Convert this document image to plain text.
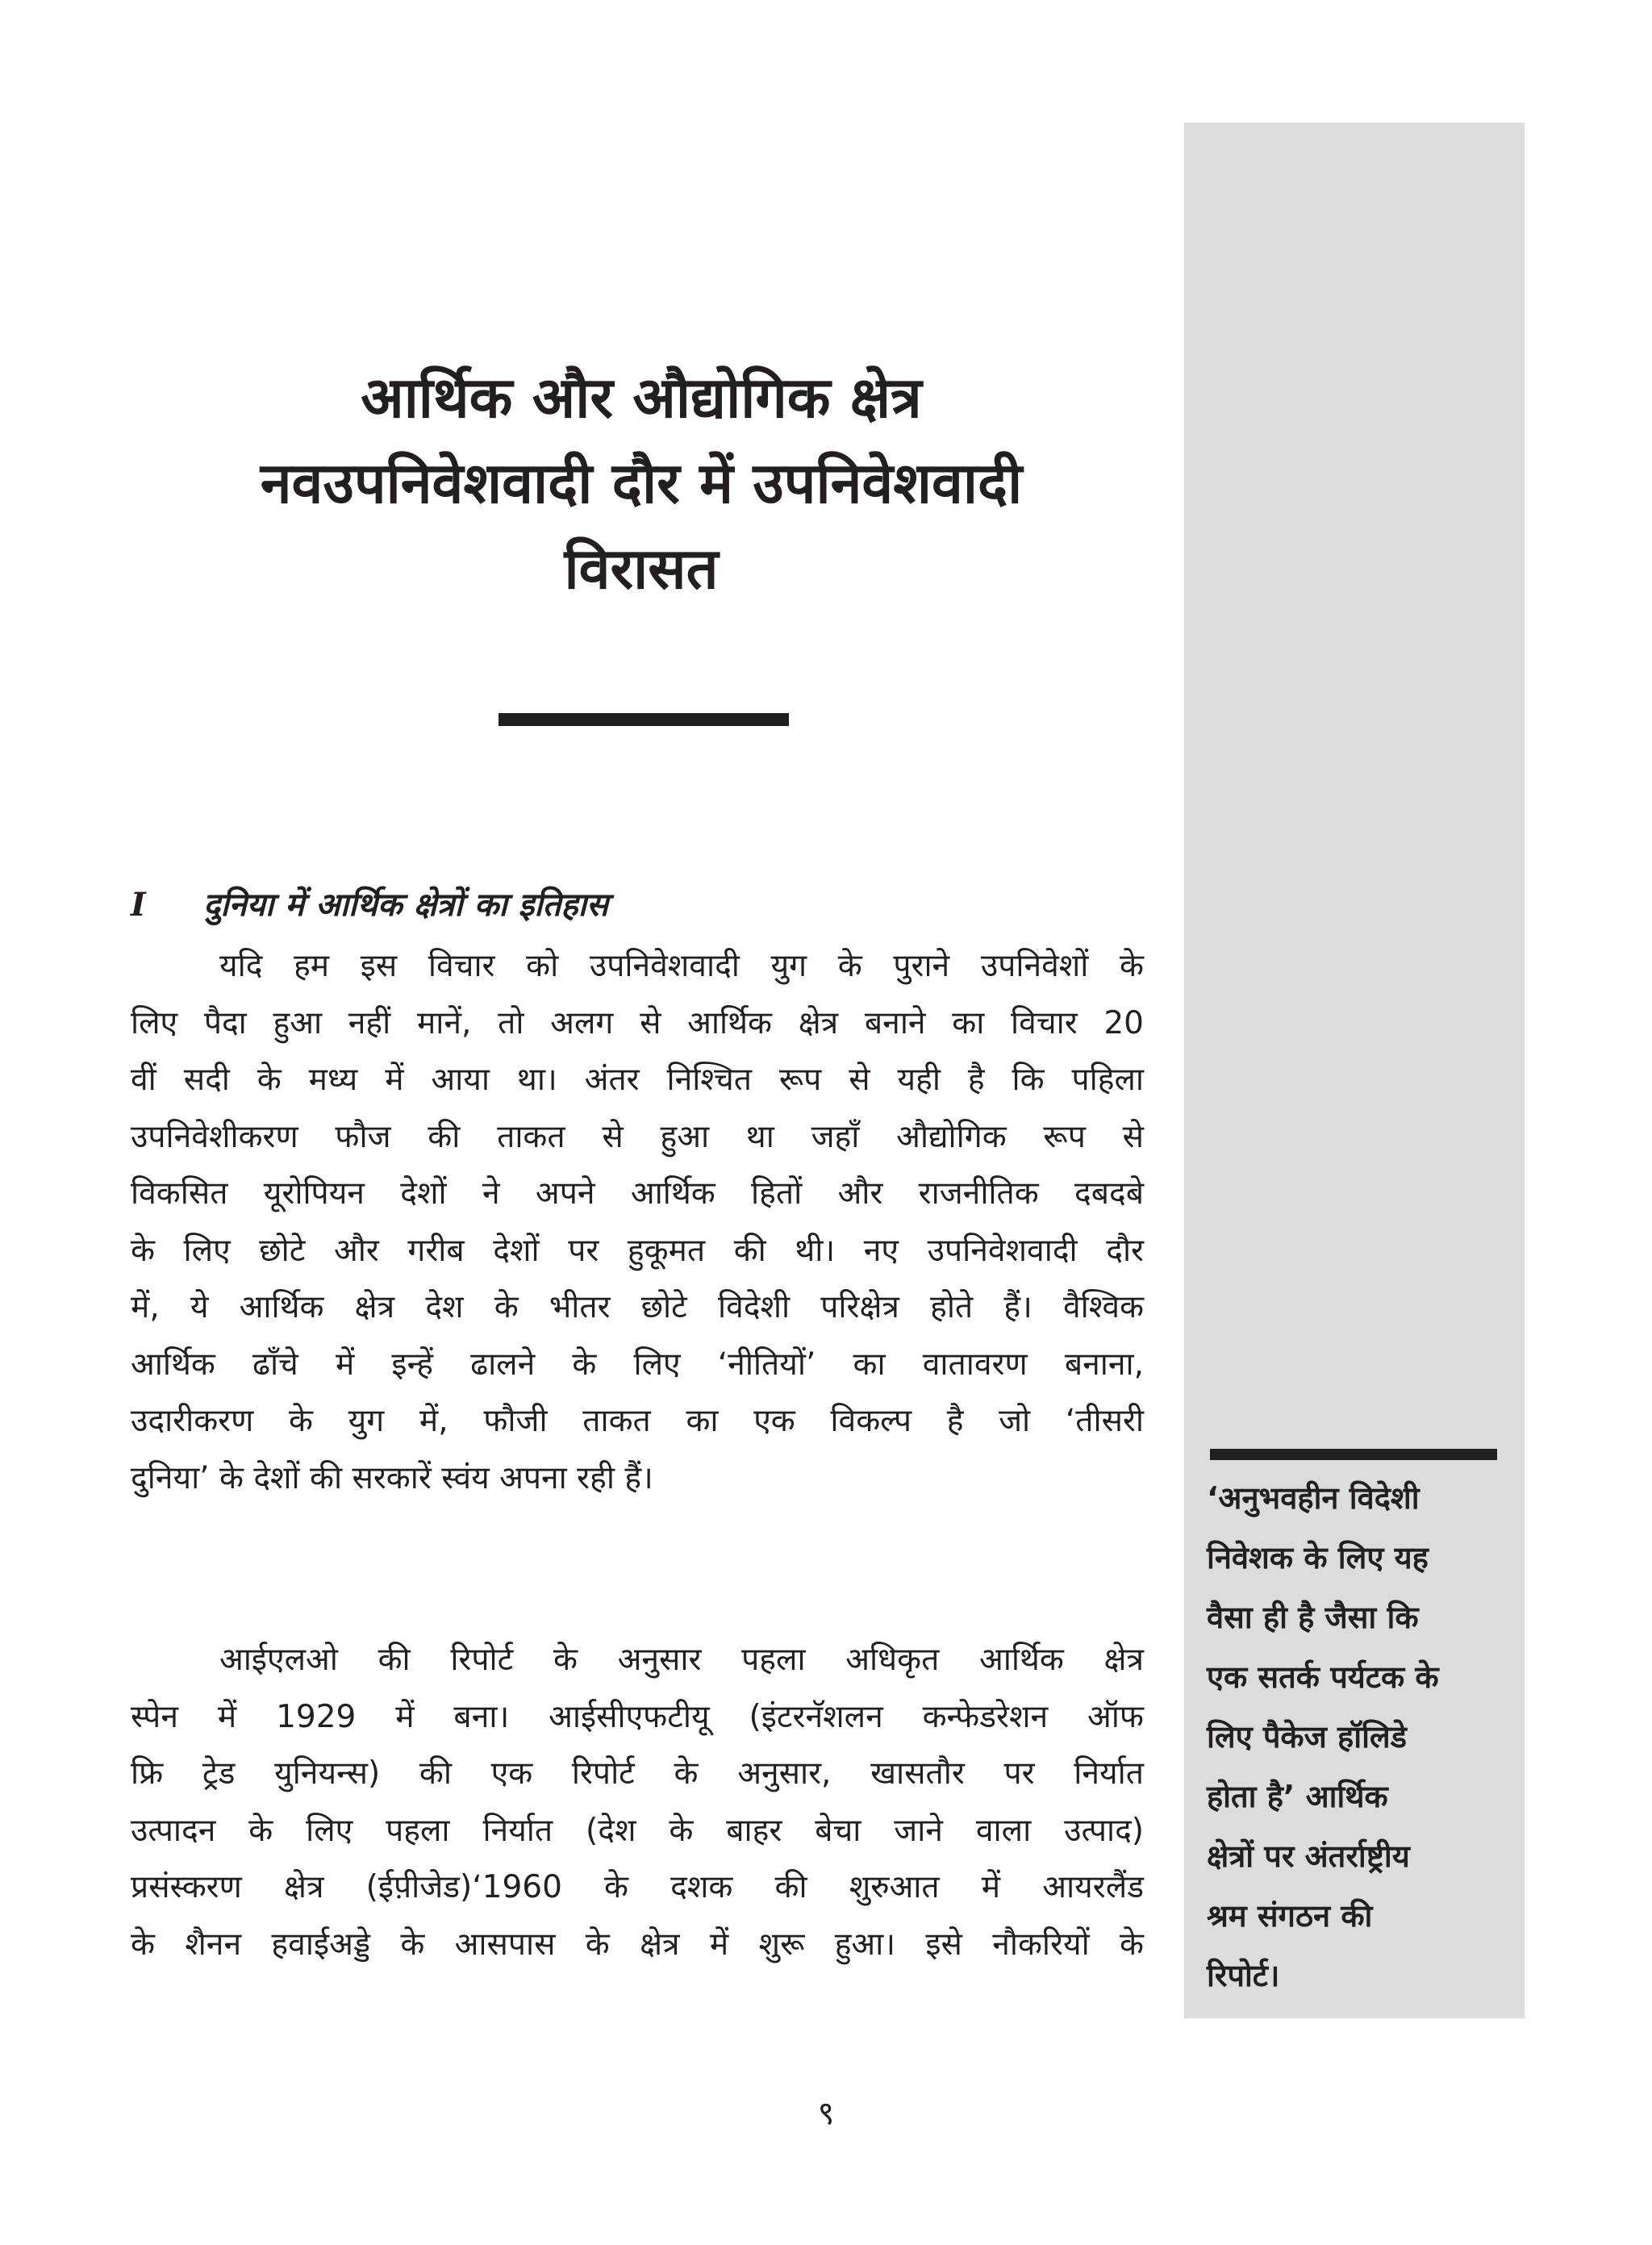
आर्थिक और औद्योगिक क्षेत्र
नवउपनिवेशवादी दौर में उपनिवेशवादी
विरासत
I दुनिया में आर्थिक क्षेत्रों का इतिहास
यदि हम इस विचार को उपनिवेशवादी युग के पुराने उपनिवेशों के
लिए पैदा हुआ नहीं मानें, तो अलग से आर्थिक क्षेत्र बनाने का विचार 20
वीं सदी के मध्य में आया था। अंतर निश्चित रूप से यही है कि पहिला
उपनिवेशीकरण फौज की ताकत से हुआ था जहाँ औद्योगिक रूप से
विकसित यूरोपियन देशों ने अपने आर्थिक हितों और राजनीतिक दबदबे
के लिए छोटे और गरीब देशों पर हुकूमत की थी। नए उपनिवेशवादी दौर
में, ये आर्थिक क्षेत्र देश के भीतर छोटे विदेशी परिक्षेत्र होते हैं। वैश्विक
आर्थिक ढाँचे में इन्हें ढालने के लिए ‘नीतियों’ का वातावरण बनाना,
उदारीकरण के युग में, फौजी ताकत का एक विकल्प है जो ‘तीसरी
दुनिया’ के देशों की सरकारें स्वंय अपना रही हैं।
आईएलओ की रिपोर्ट के अनुसार पहला अधिकृत आर्थिक क्षेत्र
स्पेन में 1929 में बना। आईसीएफटीयू (इंटरनॅशलन कन्फेडरेशन ऑफ
फ्रि ट्रेड युनियन्स) की एक रिपोर्ट के अनुसार, खासतौर पर निर्यात
उत्पादन के लिए पहला निर्यात (देश के बाहर बेचा जाने वाला उत्पाद)
प्रसंस्करण क्षेत्र (ईप़ीजेड)‘1960 के दशक की शुरुआत में आयरलैंड
के शैनन हवाईअड्डे के आसपास के क्षेत्र में शुरू हुआ। इसे नौकरियों के
‘अनुभवहीन विदेशी
निवेशक के लिए यह
वैसा ही है जैसा कि
एक सतर्क पर्यटक के
लिए पैकेज हॉलिडे
होता है’ आर्थिक
क्षेत्रों पर अंतर्राष्ट्रीय
श्रम संगठन की
रिपोर्ट।
९
